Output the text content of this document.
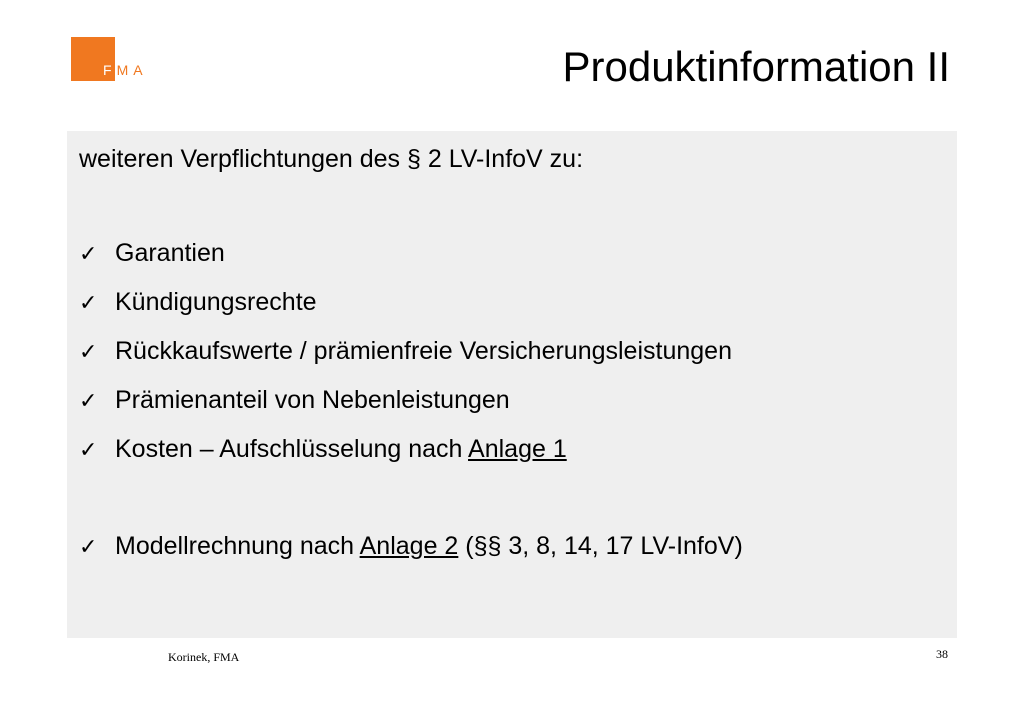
FMA	Produktinformation II
weiteren Verpflichtungen des § 2 LV-InfoV zu:
✓ Garantien
✓ Kündigungsrechte
✓ Rückkaufswerte / prämienfreie Versicherungsleistungen
✓ Prämienanteil von Nebenleistungen
✓ Kosten – Aufschlüsselung nach Anlage 1
✓ Modellrechnung nach Anlage 2 (§§ 3, 8, 14, 17 LV-InfoV)
Korinek, FMA	38
